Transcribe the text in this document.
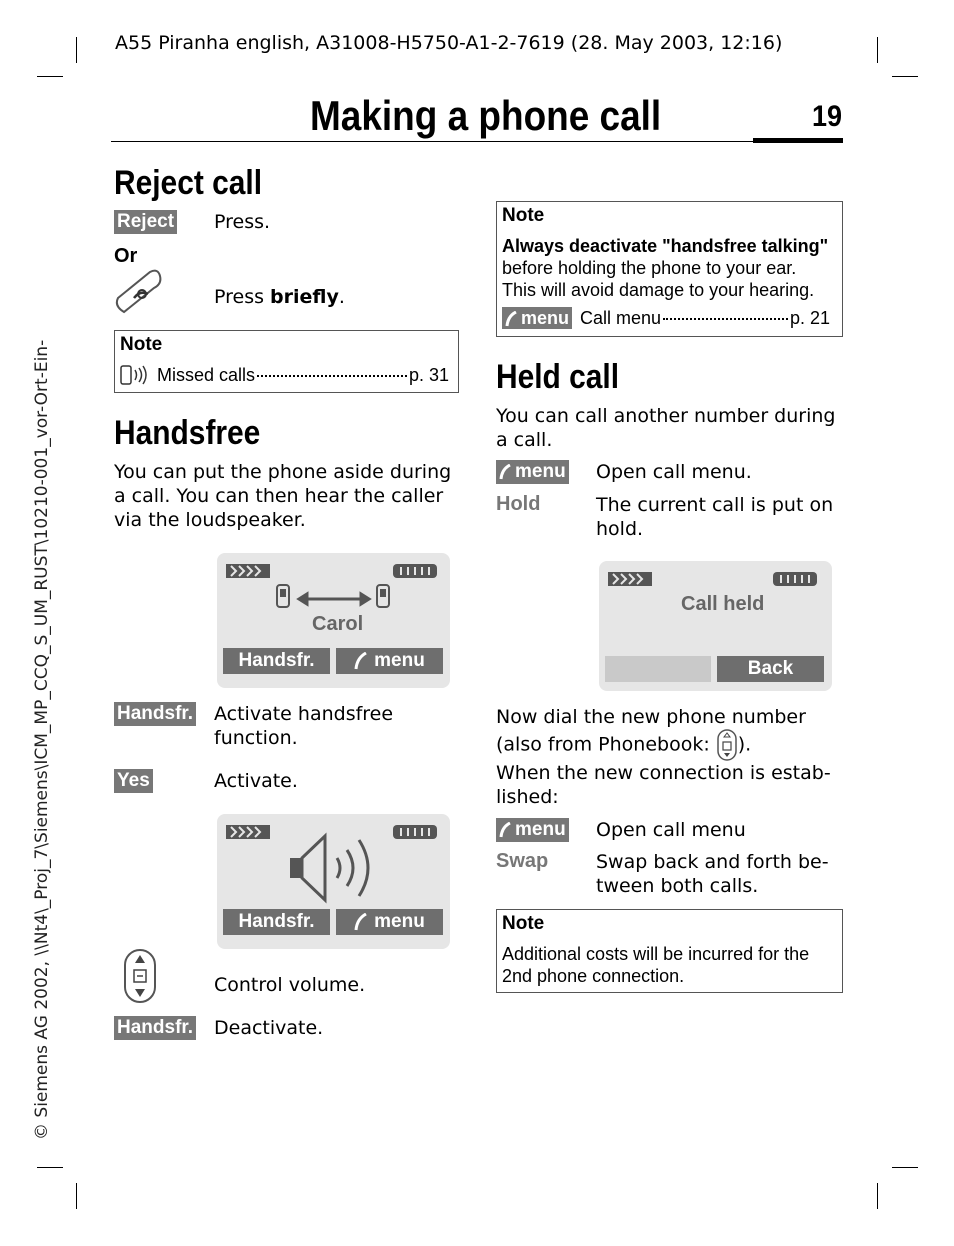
A55 Piranha english, A31008-H5750-A1-2-7619 (28. May 2003, 12:16)
Making a phone call	19
© Siemens AG 2002, \\Nt4\_Proj_7\Siemens\ICM_MP_CCQ_S_UM_RUST\10210-001_vor-Ort-Ein-
Reject call
Reject Press.
Or
Press briefly.
Note
Missed calls	p. 31
Handsfree
You can put the phone aside during a call. You can then hear the caller via the loudspeaker.
Carol
Handsfr.	menu
Handsfr. Activate handsfree function.
Yes	Activate.
Handsfr.	menu
Control volume.
Handsfr. Deactivate.
Note
Always deactivate "handsfree talking"
before holding the phone to your ear. This will avoid damage to your hearing.
menu Call menu	p. 21
Held call
You can call another number during a call.
menu Open call menu.
Hold	The current call is put on hold.
Call held
Back
Now dial the new phone number (also from Phonebook: ).
When the new connection is estab-lished:
menu Open call menu
Swap	Swap back and forth be-tween both calls.
Note
Additional costs will be incurred for the 2nd phone connection.
